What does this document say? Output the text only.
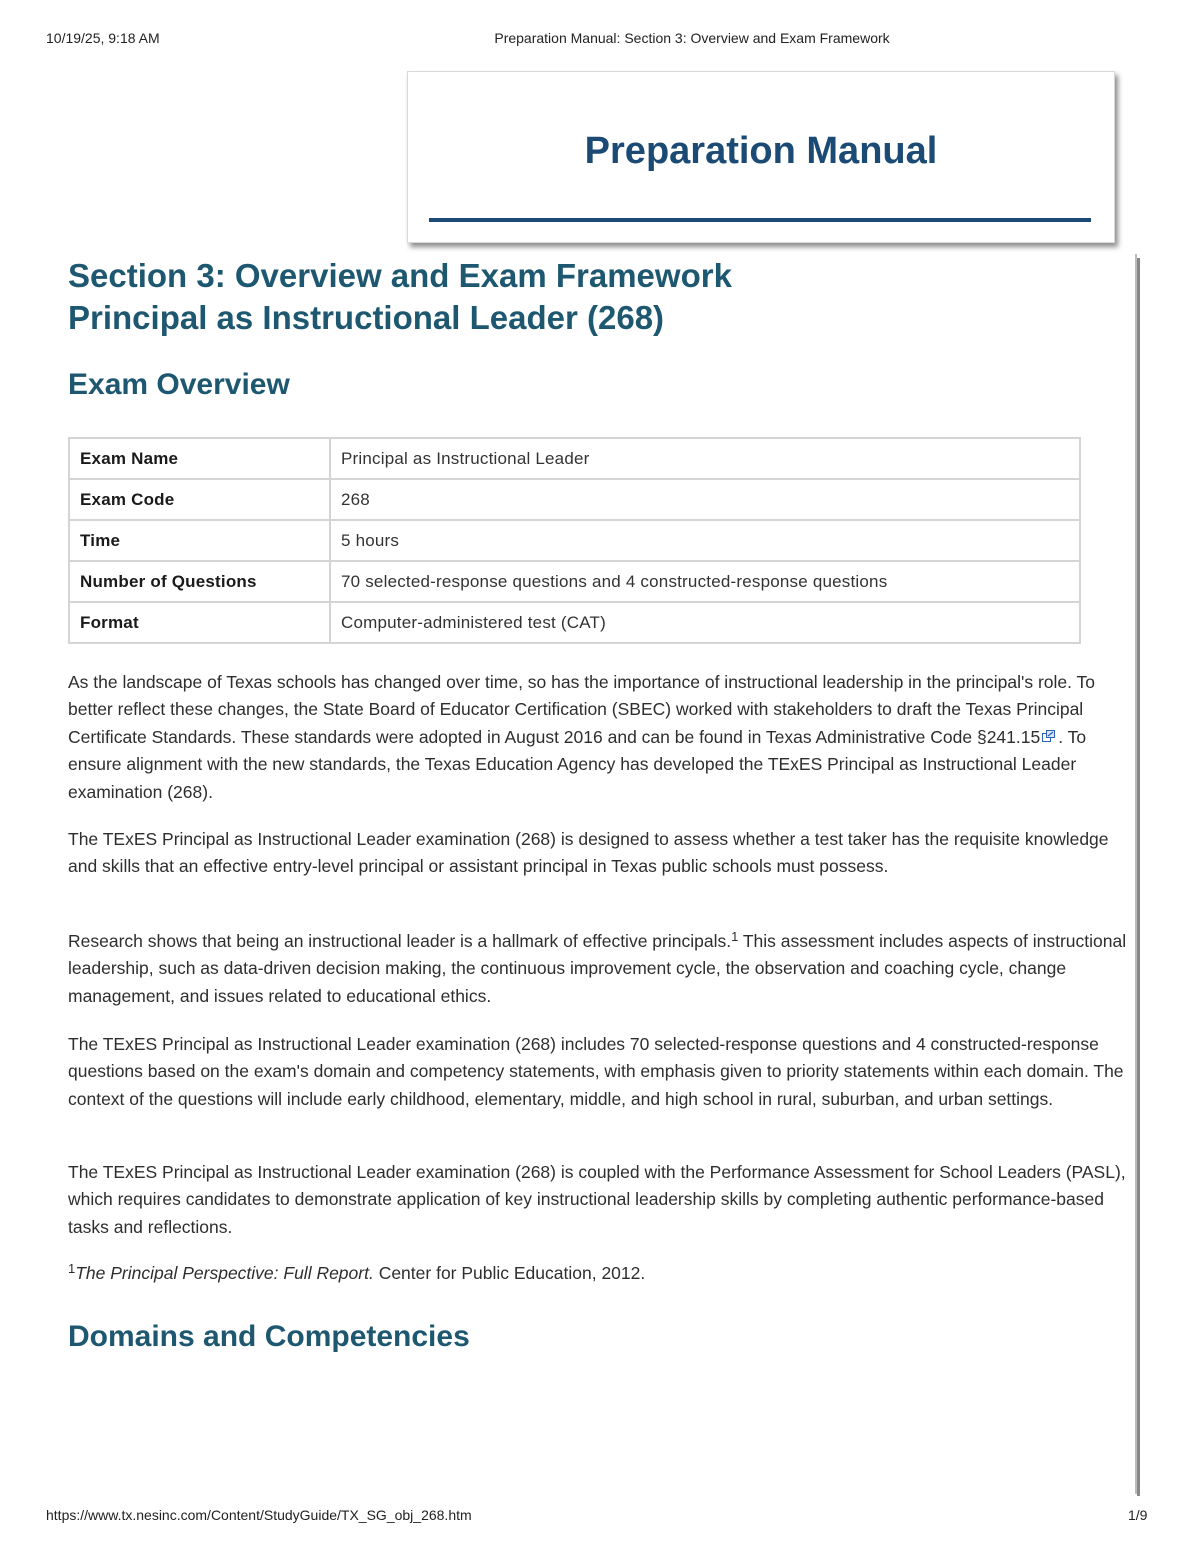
10/19/25, 9:18 AM	Preparation Manual: Section 3: Overview and Exam Framework
Preparation Manual
Section 3: Overview and Exam Framework
Principal as Instructional Leader (268)
Exam Overview
Exam Name	Principal as Instructional Leader
Exam Code	268
Time	5 hours
Number of Questions	70 selected-response questions and 4 constructed-response questions
Format	Computer-administered test (CAT)

As the landscape of Texas schools has changed over time, so has the importance of instructional leadership in the principal's role. To better reflect these changes, the State Board of Educator Certification (SBEC) worked with stakeholders to draft the Texas Principal Certificate Standards. These standards were adopted in August 2016 and can be found in Texas Administrative Code §241.15 . To ensure alignment with the new standards, the Texas Education Agency has developed the TExES Principal as Instructional Leader examination (268).

The TExES Principal as Instructional Leader examination (268) is designed to assess whether a test taker has the requisite knowledge and skills that an effective entry-level principal or assistant principal in Texas public schools must possess.

Research shows that being an instructional leader is a hallmark of effective principals.$^1$ This assessment includes aspects of instructional leadership, such as data-driven decision making, the continuous improvement cycle, the observation and coaching cycle, change management, and issues related to educational ethics.

The TExES Principal as Instructional Leader examination (268) includes 70 selected-response questions and 4 constructed-response questions based on the exam's domain and competency statements, with emphasis given to priority statements within each domain. The context of the questions will include early childhood, elementary, middle, and high school in rural, suburban, and urban settings.

The TExES Principal as Instructional Leader examination (268) is coupled with the Performance Assessment for School Leaders (PASL), which requires candidates to demonstrate application of key instructional leadership skills by completing authentic performance-based tasks and reflections.

$^1$The Principal Perspective: Full Report. Center for Public Education, 2012.

Domains and Competencies
https://www.tx.nesinc.com/Content/StudyGuide/TX_SG_obj_268.htm	1/9
